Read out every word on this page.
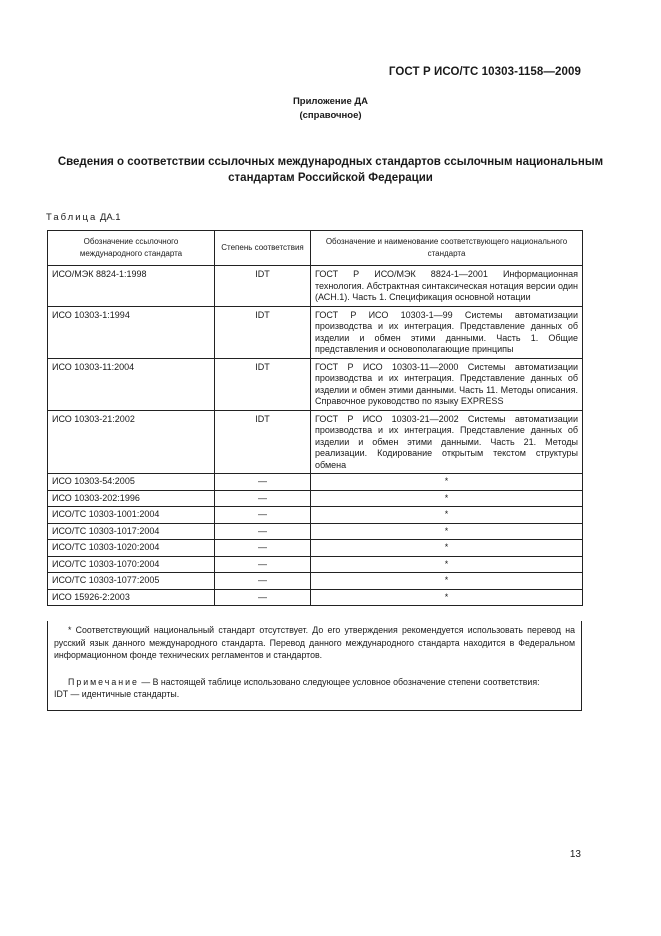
ГОСТ Р ИСО/ТС 10303-1158—2009
Приложение ДА
(справочное)
Сведения о соответствии ссылочных международных стандартов ссылочным национальным
стандартам Российской Федерации
Таблица ДА.1
Обозначение ссылочного международного стандарта	Степень соответствия	Обозначение и наименование соответствующего национального стандарта
ИСО/МЭК 8824-1:1998	IDT	ГОСТ Р ИСО/МЭК 8824-1—2001 Информационная технология. Абстрактная синтаксическая нотация версии один (АСН.1). Часть 1. Спецификация основной нотации
ИСО 10303-1:1994	IDT	ГОСТ Р ИСО 10303-1—99 Системы автоматизации производства и их интеграция. Представление данных об изделии и обмен этими данными. Часть 1. Общие представления и основополагающие принципы
ИСО 10303-11:2004	IDT	ГОСТ Р ИСО 10303-11—2000 Системы автоматизации производства и их интеграция. Представление данных об изделии и обмен этими данными. Часть 11. Методы описания. Справочное руководство по языку EXPRESS
ИСО 10303-21:2002	IDT	ГОСТ Р ИСО 10303-21—2002 Системы автоматизации производства и их интеграция. Представление данных об изделии и обмен этими данными. Часть 21. Методы реализации. Кодирование открытым текстом структуры обмена
ИСО 10303-54:2005	—	*
ИСО 10303-202:1996	—	*
ИСО/ТС 10303-1001:2004	—	*
ИСО/ТС 10303-1017:2004	—	*
ИСО/ТС 10303-1020:2004	—	*
ИСО/ТС 10303-1070:2004	—	*
ИСО/ТС 10303-1077:2005	—	*
ИСО 15926-2:2003	—	*

* Соответствующий национальный стандарт отсутствует. До его утверждения рекомендуется использовать перевод на русский язык данного международного стандарта. Перевод данного международного стандарта находится в Федеральном информационном фонде технических регламентов и стандартов.

Примечание — В настоящей таблице использовано следующее условное обозначение степени соответствия:

IDT — идентичные стандарты.

13
